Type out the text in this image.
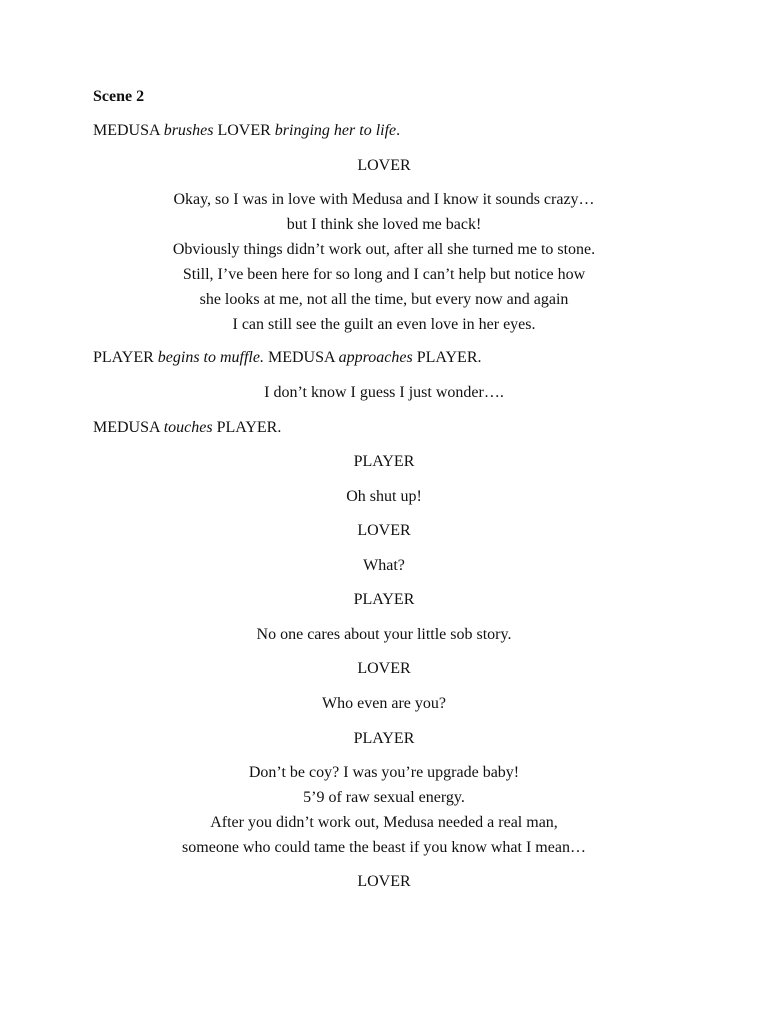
Scene 2
MEDUSA brushes LOVER bringing her to life.
LOVER
Okay, so I was in love with Medusa and I know it sounds crazy…
but I think she loved me back!
Obviously things didn’t work out, after all she turned me to stone.
Still, I’ve been here for so long and I can’t help but notice how
she looks at me, not all the time, but every now and again
I can still see the guilt an even love in her eyes.
PLAYER begins to muffle. MEDUSA approaches PLAYER.
I don’t know I guess I just wonder….
MEDUSA touches PLAYER.
PLAYER
Oh shut up!
LOVER
What?
PLAYER
No one cares about your little sob story.
LOVER
Who even are you?
PLAYER
Don’t be coy? I was you’re upgrade baby!
5’9 of raw sexual energy.
After you didn’t work out, Medusa needed a real man,
someone who could tame the beast if you know what I mean…
LOVER
